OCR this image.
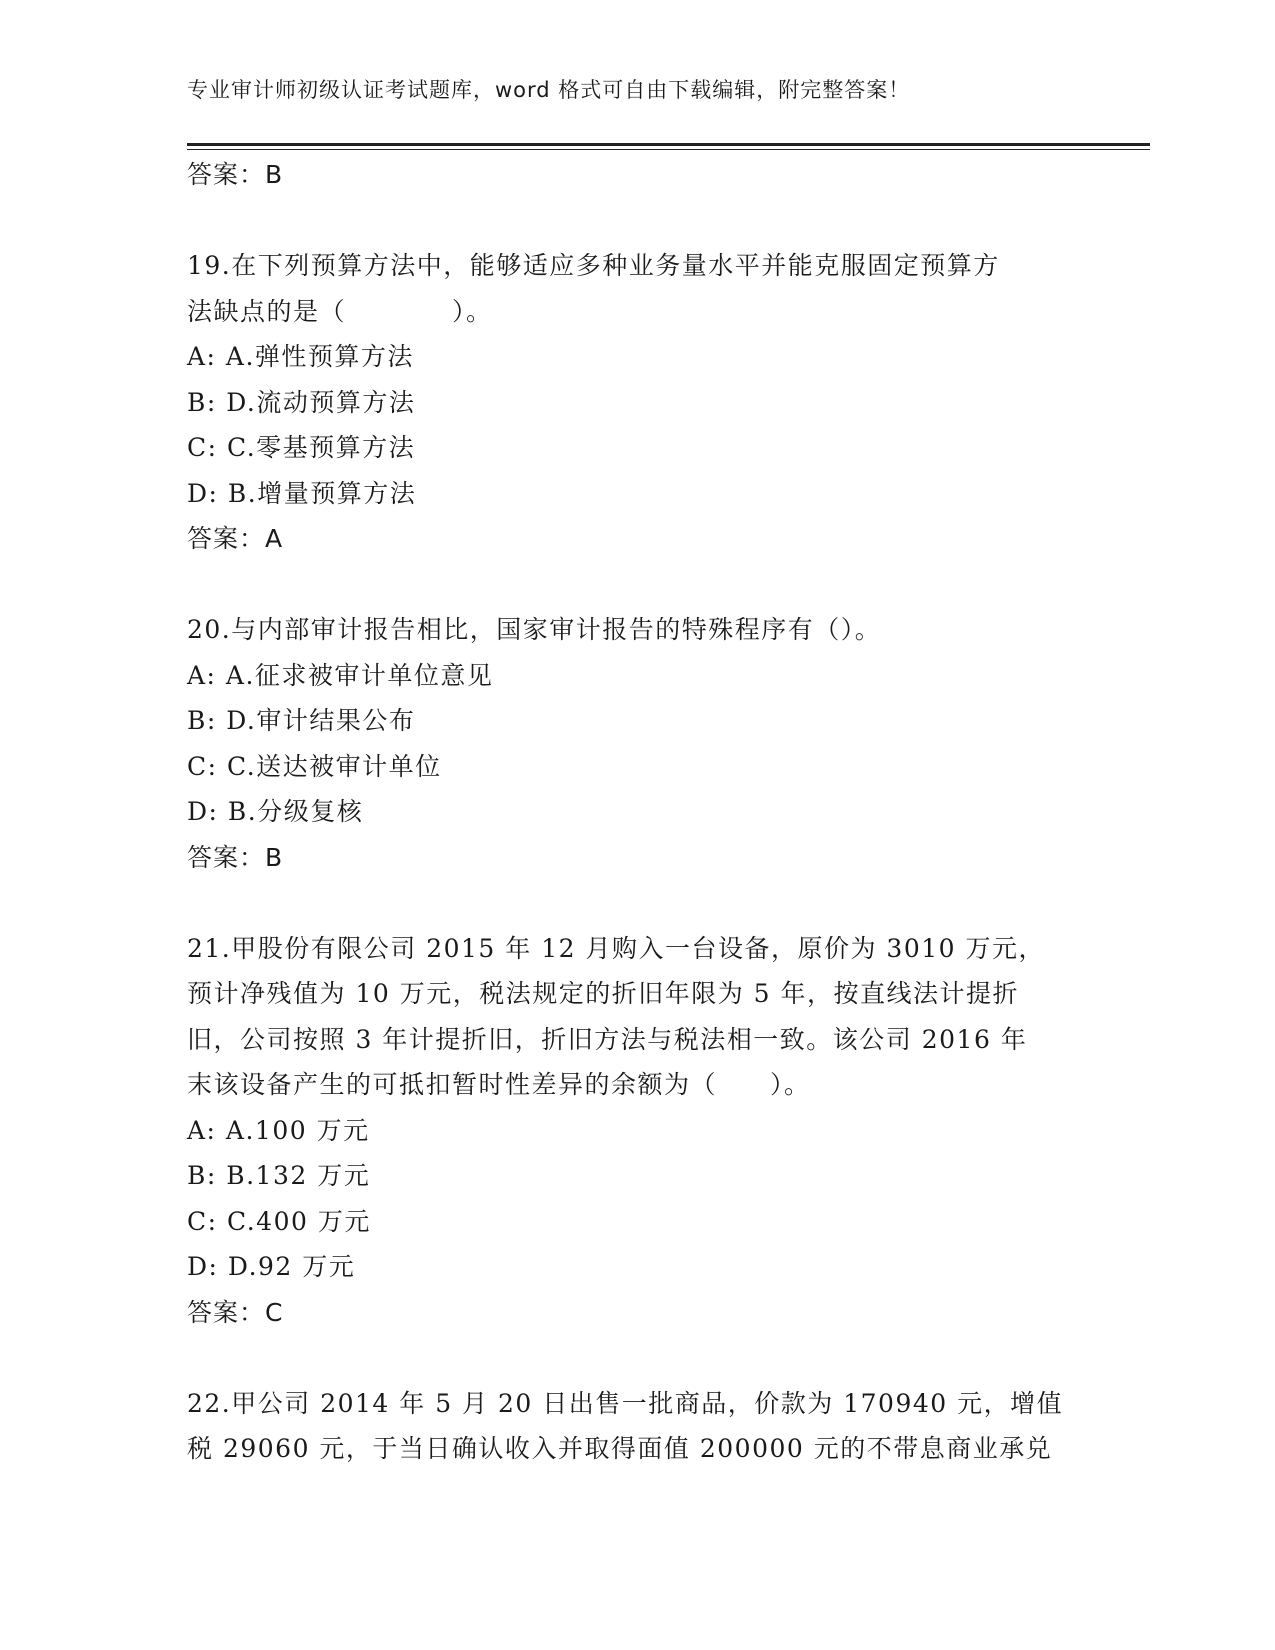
专业审计师初级认证考试题库，word 格式可自由下载编辑，附完整答案！
答案：B
19.在下列预算方法中，能够适应多种业务量水平并能克服固定预算方
法缺点的是（　　　　）。
A: A.弹性预算方法
B: D.流动预算方法
C: C.零基预算方法
D: B.增量预算方法
答案：A
20.与内部审计报告相比，国家审计报告的特殊程序有（）。
A: A.征求被审计单位意见
B: D.审计结果公布
C: C.送达被审计单位
D: B.分级复核
答案：B
21.甲股份有限公司 2015 年 12 月购入一台设备，原价为 3010 万元，
预计净残值为 10 万元，税法规定的折旧年限为 5 年，按直线法计提折
旧，公司按照 3 年计提折旧，折旧方法与税法相一致。该公司 2016 年
末该设备产生的可抵扣暂时性差异的余额为（　　）。
A: A.100 万元
B: B.132 万元
C: C.400 万元
D: D.92 万元
答案：C
22.甲公司 2014 年 5 月 20 日出售一批商品，价款为 170940 元，增值
税 29060 元，于当日确认收入并取得面值 200000 元的不带息商业承兑
